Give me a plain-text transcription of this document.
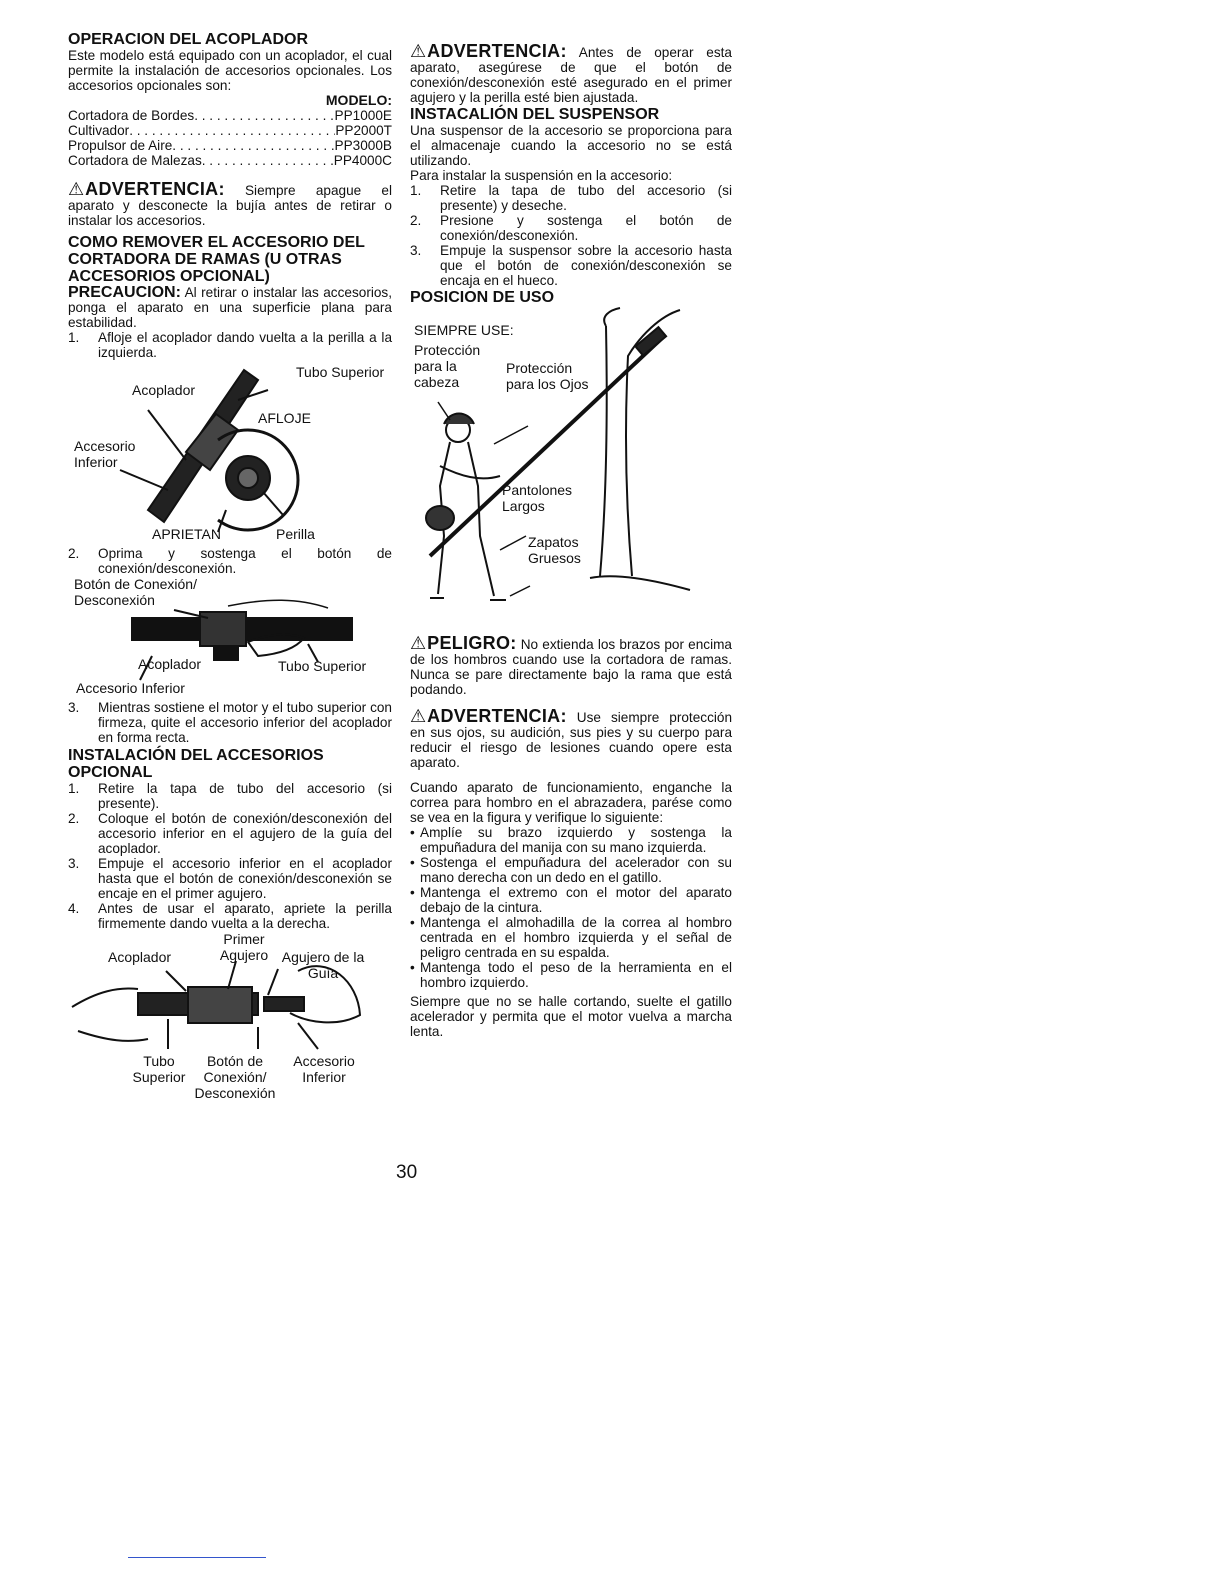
OPERACION DEL ACOPLADOR

Este modelo está equipado con un acoplador, el cual permite la instalación de accesorios opcionales. Los accesorios opcionales son:

MODELO:
Cortadora de Bordes . . .	PP1000E
Cultivador . . .	PP2000T
Propulsor de Aire . . .	PP3000B
Cortadora de Malezas . . .	PP4000C

⚠ADVERTENCIA: Siempre apague el aparato y desconecte la bujía antes de retirar o instalar los accesorios.

COMO REMOVER EL ACCESORIO DEL CORTADORA DE RAMAS (U OTRAS ACCESORIOS OPCIONAL)

PRECAUCION: Al retirar o instalar las accesorios, ponga el aparato en una superficie plana para estabilidad.

1.	Afloje el acoplador dando vuelta a la perilla a la izquierda.
Tubo Superior
Acoplador
AFLOJE
Accesorio Inferior
APRIETAN	Perilla
2.	Oprima y sostenga el botón de conexión/desconexión.
Botón de Conexión/ Desconexión
Acoplador	Tubo Superior
Accesorio Inferior
3.	Mientras sostiene el motor y el tubo superior con firmeza, quite el accesorio inferior del acoplador en forma recta.
INSTALACIÓN DEL ACCESORIOS OPCIONAL
1.	Retire la tapa de tubo del accesorio (si presente).
2.	Coloque el botón de conexión/desconexión del accesorio inferior en el agujero de la guía del acoplador.
3.	Empuje el accesorio inferior en el acoplador hasta que el botón de conexión/desconexión se encaje en el primer agujero.
4.	Antes de usar el aparato, apriete la perilla firmemente dando vuelta a la derecha.
Primer Agujero
Acoplador	Agujero de la Guía
Tubo Superior
Botón de Conexión/ Desconexión
Accesorio Inferior

⚠ADVERTENCIA: Antes de operar esta aparato, asegúrese de que el botón de conexión/desconexión esté asegurado en el primer agujero y la perilla esté bien ajustada.

INSTACALIÓN DEL SUSPENSOR

Una suspensor de la accesorio se proporciona para el almacenaje cuando la accesorio no se está utilizando.

Para instalar la suspensión en la accesorio:

1.	Retire la tapa de tubo del accesorio (si presente) y deseche.
2.	Presione y sostenga el botón de conexión/desconexión.
3.	Empuje la suspensor sobre la accesorio hasta que el botón de conexión/desconexión se encaja en el hueco.
POSICION DE USO
SIEMPRE USE:
Protección para la cabeza
Protección para los Ojos
Pantolones Largos
Zapatos Gruesos

⚠PELIGRO: No extienda los brazos por encima de los hombros cuando use la cortadora de ramas. Nunca se pare directamente bajo la rama que está podando.

⚠ADVERTENCIA: Use siempre protección en sus ojos, su audición, sus pies y su cuerpo para reducir el riesgo de lesiones cuando opere esta aparato.

Cuando aparato de funcionamiento, enganche la correa para hombro en el abrazadera, parése como se vea en la figura y verifique lo siguiente:

• Amplíe su brazo izquierdo y sostenga la empuñadura del manija con su mano izquierda.
• Sostenga el empuñadura del acelerador con su mano derecha con un dedo en el gatillo.
• Mantenga el extremo con el motor del aparato debajo de la cintura.
• Mantenga el almohadilla de la correa al hombro centrada en el hombro izquierda y el señal de peligro centrada en su espalda.
• Mantenga todo el peso de la herramienta en el hombro izquierdo.

Siempre que no se halle cortando, suelte el gatillo acelerador y permita que el motor vuelva a marcha lenta.

30
